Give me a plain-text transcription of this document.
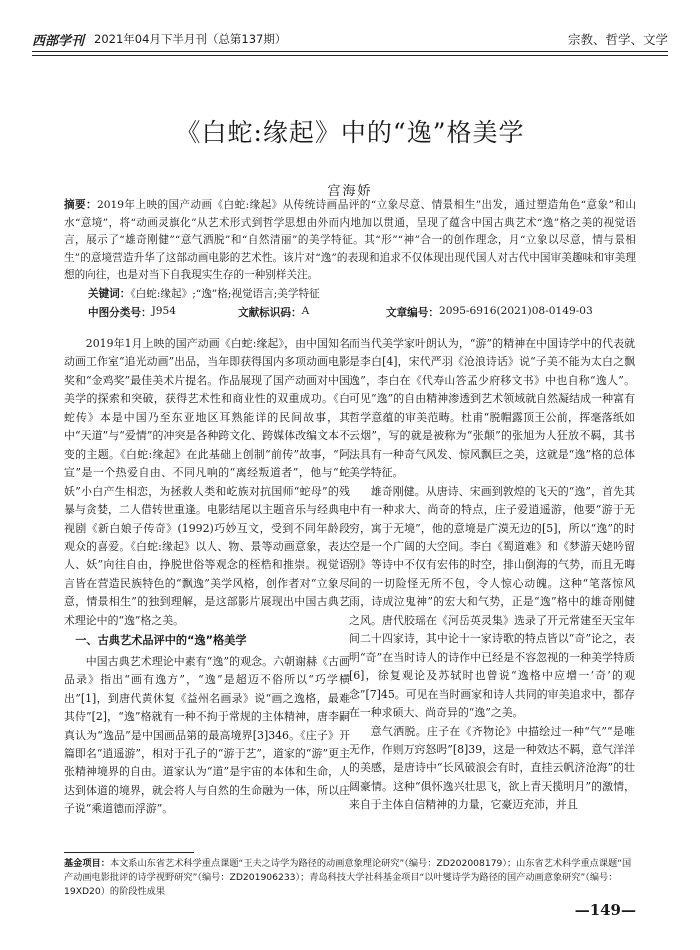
西部学刊 2021年04月下半月刊（总第137期）	宗教、哲学、文学
《白蛇:缘起》中的“逸”格美学
宫海娇
摘要：2019年上映的国产动画《白蛇:缘起》从传统诗画品评的“立象尽意、情景相生”出发，通过塑造角色“意象”和山水“意境”，将“动画灵旗化”从艺术形式到哲学思想由外而内地加以贯通，呈现了蕴含中国古典艺术“逸”格之美的视觉语言，展示了“雄奇刚健”“意气洒脱”和“自然清丽”的美学特征。其“形”“神”合一的创作理念，月“立象以尽意，情与景相生”的意境营造升华了这部动画电影的艺术性。该片对“逸”的表现和追求不仅体现出现代国人对古代中国审美趣味和审美理想的向往，也是对当下自我現实生存的一种别样关注。
关键词：《白蛇:缘起》;“逸”格;视觉语言;美学特征
中图分类号： J954	文献标识码： A	文章编号： 2095-6916(2021)08-0149-03

2019年1月上映的国产动画《白蛇:缘起》，由中国知名动画工作室“追光动画”出品，当年即获得国内多项动画电影奖和“金鸡奖”最佳美术片提名。作品展现了国产动画对中国美学的探索和突破，获得艺术性和商业性的双重成功。《白蛇传》本是中国乃至东亚地区耳熟能详的民间故事，其中“天道”与“爱情”的冲突是各种跨文化、跨媒体改编文本不变的主题。《白蛇:缘起》在此基础上创制“前传”故事，“阿宣”是一个热爱自由、不同凡响的“离经叛道者”，他与“蛇妖”小白产生相恋，为拯救人类和屹族对抗国师“蛇母”的残暴与贪婪，二人借转世重逢。电影结尾以主题音乐与经典电视剧《新白娘子传奇》(1992)巧妙互文，受到不同年龄段观众的喜爱。《白蛇:缘起》以人、物、景等动画意象，表达人、妖”向往自由，挣脱世俗等观念的桎梏和推崇。视觉语言皆在营造民族特色的“飘逸”美学风格，创作者对“立象尽意，情景相生”的独到理解，是这部影片展现出中国古典艺术理论中的“逸”格之美。

一、古典艺术品评中的“逸”格美学

中国古典艺术理论中素有“逸”的观念。六朝谢赫《古画品录》指出“画有逸方”，“逸”是超迈不俗所以“巧学横出”[1]，到唐代黄休复《益州名画录》说“画之逸格，最难其侍”[2]，“逸”格就有一种不拘于常规的主体精神，唐李嗣真认为“逸品”是中国画品第的最高境界[3]346。《庄子》开篇即名“逍遥游”，相对于孔子的“游于艺”，道家的“游”更主张精神境界的自由。道家认为“道”是宇宙的本体和生命，人达到体道的境界，就会将人与自然的生命融为一体，所以庄子说“乘道德而浮游”。

而当代美学家叶朗认为，“游”的精神在中国诗学中的代表就是李白[4]，宋代严羽《沧浪诗话》说“子美不能为太白之飘逸”，李白在《代寿山答孟少府移文书》中也自称“逸人”。可见“逸”的自由精神渗透到艺术领域就自然凝结成一种富有哲学意蕴的审美范畴。杜甫“脱帽露顶王公前，挥毫落纸如云烟”，写的就是被称为“张颠”的张旭为人狂放不羁，其书法具有一种奇气风发、惊风飘巨之美，这就是“逸”格的总体美学特征。

雄奇刚健。从唐诗、宋画到敦煌的飞天的“逸”，首先其中有一种求大、尚奇的特点，庄子爱逍遥游，他要“游于无穷，寓于无境”，他的意境是广漠无边的[5]，所以“逸”的时空是一个广阔的大空间。李白《蜀道难》和《梦游天姥吟留别》等诗中不仅有宏伟的时空，排山倒海的气势，而且无晦间的一切险怪无所不包，令人惊心动魄。这种“笔落惊风雨，诗成泣鬼神”的宏大和气势，正是“逸”格中的雄奇刚健之风。唐代胶瑶在《河岳英灵集》选录了开元常建至天宝年间二十四家诗，其中论十一家诗歌的特点皆以“奇”论之，表明“奇”在当时诗人的诗作中已经是不容忽视的一种美学特质[6]，徐复观论及苏轼时也曾说“逸格中应增一‘奇’的观念”[7]45。可见在当时画家和诗人共同的审美追求中，都存在一种求硕大、尚奇异的“逸”之美。

意气洒脱。庄子在《齐物论》中描绘过一种“气”“是唯无作，作则万窍怒呺”[8]39，这是一种效达不羁，意气洋洋的美感，是唐诗中“长风破浪会有时，直挂云帆济沧海”的壮阔豪情。这种“俱怀逸兴壮思飞，欲上青天揽明月”的激情，来自于主体自信精神的力量，它豪迈充沛，并且

基金项目：本文系山东省艺术科学重点课题“王夫之诗学为路径的动画意象理论研究”（编号：ZD202008179）；山东省艺术科学重点课题“国产动画电影批评的诗学视野研究”（编号：ZD201906233）；青岛科技大学社科基金项目“以叶燮诗学为路径的国产动画意象研究”（编号：19XD20）的阶段性成果
—149—
